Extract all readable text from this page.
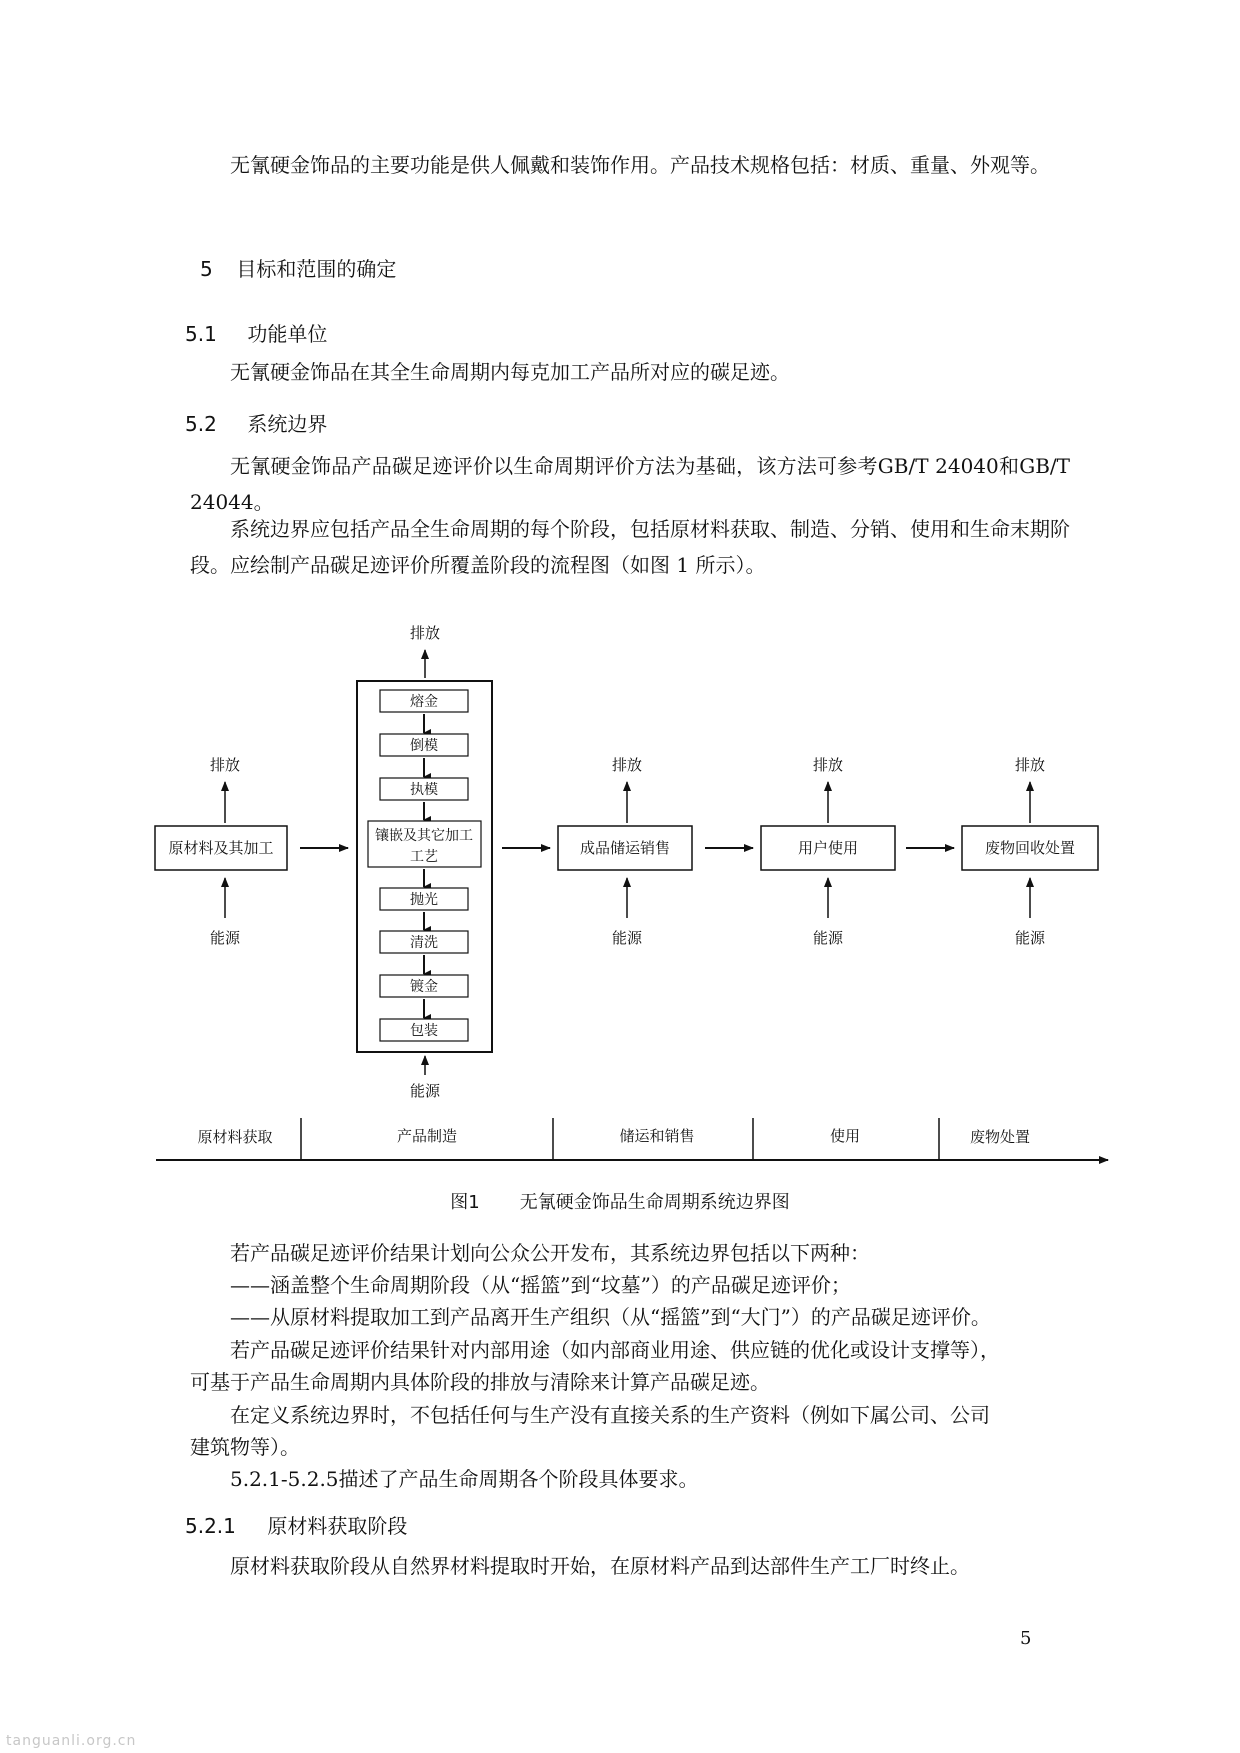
无氰硬金饰品的主要功能是供人佩戴和装饰作用。产品技术规格包括：材质、重量、外观等。

5 目标和范围的确定
5.1 功能单位
无氰硬金饰品在其全生命周期内每克加工产品所对应的碳足迹。
5.2 系统边界

无氰硬金饰品产品碳足迹评价以生命周期评价方法为基础，该方法可参考GB/T 24040和GB/T 24044。

系统边界应包括产品全生命周期的每个阶段，包括原材料获取、制造、分销、使用和生命末期阶段。应绘制产品碳足迹评价所覆盖阶段的流程图（如图 1 所示）。

排放
原材料及其加工
能源
排放
熔金
倒模
执模
镶嵌及其它加工
工艺
抛光
清洗
镀金
包装
能源
排放
成品储运销售
能源
排放
用户使用
能源
排放
废物回收处置
能源
原材料获取	产品制造	储运和销售	使用	废物处置
图1 无氰硬金饰品生命周期系统边界图
若产品碳足迹评价结果计划向公众公开发布，其系统边界包括以下两种：
——涵盖整个生命周期阶段（从“摇篮”到“坟墓”）的产品碳足迹评价；
——从原材料提取加工到产品离开生产组织（从“摇篮”到“大门”）的产品碳足迹评价。
若产品碳足迹评价结果针对内部用途（如内部商业用途、供应链的优化或设计支撑等），
可基于产品生命周期内具体阶段的排放与清除来计算产品碳足迹。
在定义系统边界时，不包括任何与生产没有直接关系的生产资料（例如下属公司、公司
建筑物等）。
5.2.1-5.2.5描述了产品生命周期各个阶段具体要求。
5.2.1 原材料获取阶段
原材料获取阶段从自然界材料提取时开始，在原材料产品到达部件生产工厂时终止。
5
tanguanli.org.cn
